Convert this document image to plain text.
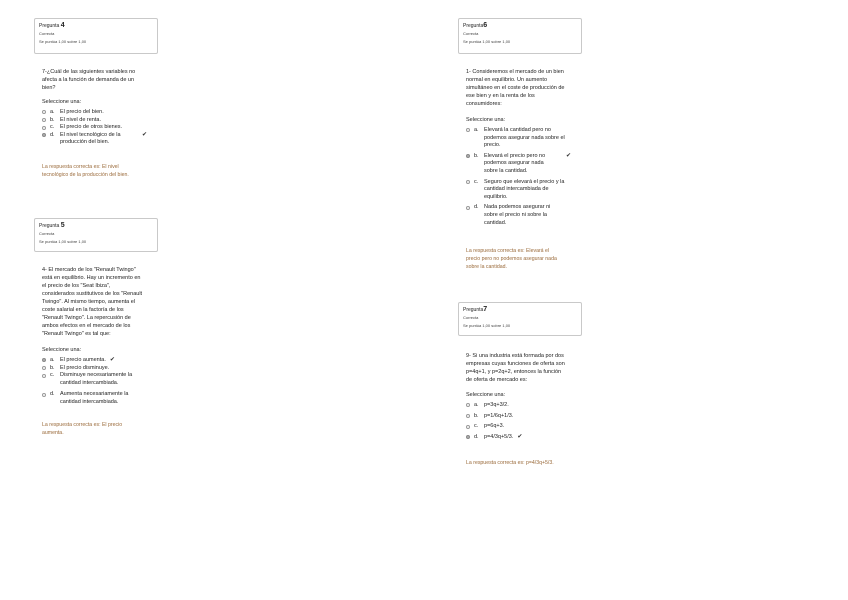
Pregunta 4
Correcta
Se puntúa 1,00 sobre 1,00
7-¿Cuál de las siguientes variables no
afecta a la función de demanda de un
bien?
Seleccione una:
a. El precio del bien.
b. El nivel de renta.
c.	El precio de otros bienes.
d. El nivel tecnológico de la
producción del bien.
✔
La respuesta correcta es: El nivel
tecnológico de la producción del bien.
Pregunta 5
Correcta
Se puntúa 1,00 sobre 1,00
4- El mercado de los "Renault Twingo"
está en equilibrio. Hay un incremento en
el precio de los "Seat Ibiza",
considerados sustitutivos de los "Renault
Twingo". Al mismo tiempo, aumenta el
coste salarial en la factoría de los
"Renault Twingo". La repercusión de
ambos efectos en el mercado de los
"Renault Twingo" es tal que:
Seleccione una:
a. El precio aumenta. ✔
b. El precio disminuye.
c.	Disminuye necesariamente la
cantidad intercambiada.
d. Aumenta necesariamente la
cantidad intercambiada.
La respuesta correcta es: El precio
aumenta.
Pregunta6
Correcta
Se puntúa 1,00 sobre 1,00
1- Consideremos el mercado de un bien
normal en equilibrio. Un aumento
simultáneo en el coste de producción de
ese bien y en la renta de los
consumidores:
Seleccione una:
a. Elevará la cantidad pero no
podemos asegurar nada sobre el
precio.
b. Elevará el precio pero no
podemos asegurar nada
sobre la cantidad.
✔
c.	Seguro que elevará el precio y la
cantidad intercambiada de
equilibrio.
d. Nada podemos asegurar ni
sobre el precio ni sobre la
cantidad.
La respuesta correcta es: Elevará el
precio pero no podemos asegurar nada
sobre la cantidad.
Pregunta7
Correcta
Se puntúa 1,00 sobre 1,00
9- Si una industria está formada por dos
empresas cuyas funciones de oferta son
p=4q+1, y p=2q+2, entonces la función
de oferta de mercado es:
Seleccione una:
a. p=3q+3/2.
b. p=1/6q+1/3.
c.	p=6q+3.
d. p=4/3q+5/3. ✔
La respuesta correcta es: p=4/3q+5/3.
